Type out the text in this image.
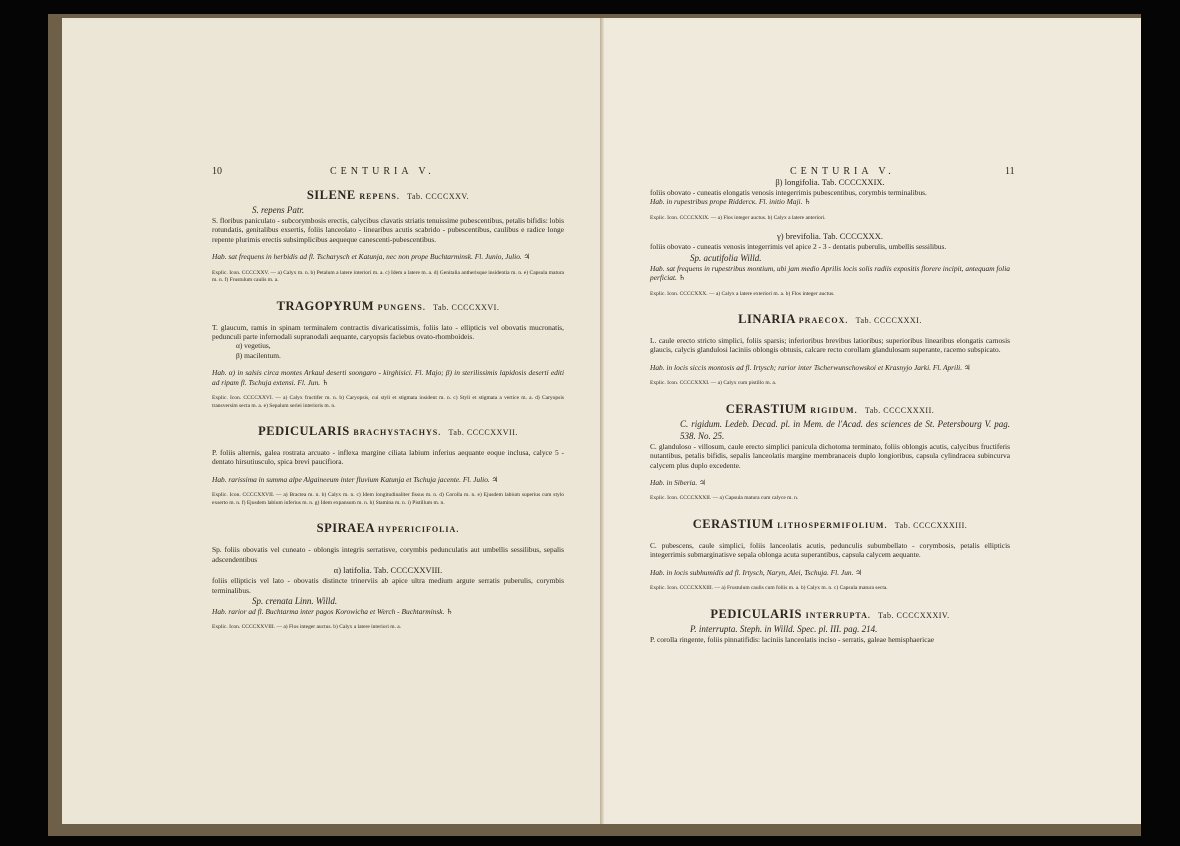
10	CENTURIA V.
SILENE REPENS. Tab. CCCCXXV.

S. repens Patr.

S. floribus paniculato - subcorymbosis erectis, calycibus clavatis striatis tenuissime pubescentibus, petalis bifidis: lobis rotundatis, genitalibus exsertis, foliis lanceolato - linearibus acutis scabrido - pubescentibus, caulibus e radice longe repente plurimis erectis subsimplicibus aequeque canescenti-pubescentibus.

Hab. sat frequens in herbidis ad fl. Tscharysch et Katunja, nec non prope Buchtarminsk. Fl. Junio, Julio. ♃

Explic. Icon. CCCCXXV. — a) Calyx m. n. b) Petalum a latere interiori m. a. c) Idem a latere m. a. d) Genitalia antherisque insidentia m. n. e) Capsula matura m. n. f) Frustulum caulis m. a.

TRAGOPYRUM PUNGENS. Tab. CCCCXXVI.

T. glaucum, ramis in spinam terminalem contractis divaricatissimis, foliis lato - ellipticis vel obovatis mucronatis, pedunculi parte infernodali supranodali aequante, caryopsis faciebus ovato-rhomboideis.

α) vegetius,

β) macilentum.

Hab. α) in salsis circa montes Arkaul deserti soongaro - kirghisici. Fl. Majo; β) in sterilissimis lapidosis deserti editi ad ripam fl. Tschuja extensi. Fl. Jun. ♄

Explic. Icon. CCCCXXVI. — a) Calyx fructifer m. n. b) Caryopsis, cui styli et stigmata insident m. n. c) Styli et stigmata a vertice m. a. d) Caryopsis transversim secta m. a. e) Sepalum seriei interioris m. n.

PEDICULARIS BRACHYSTACHYS. Tab. CCCCXXVII.

P. foliis alternis, galea rostrata arcuato - inflexa margine ciliata labium inferius aequante eoque inclusa, calyce 5 - dentato hirsutiusculo, spica brevi paucifiora.

Hab. rarissima in summa alpe Algaineeum inter fluvium Katunja et Tschuja jacente. Fl. Julio. ♃

Explic. Icon. CCCCXXVII. — a) Bractea m. n. b) Calyx m. n. c) Idem longitudinaliter fissus m. n. d) Corolla m. n. e) Ejusdem labium superius cum stylo exserto m. n. f) Ejusdem labium inferius m. n. g) Idem expansum m. n. h) Stamina m. n. i) Pistillum m. n.

SPIRAEA HYPERICIFOLIA.

Sp. foliis obovatis vel cuneato - oblongis integris serratisve, corymbis pedunculatis aut umbellis sessilibus, sepalis adscendentibus

α) latifolia. Tab. CCCCXXVIII.

foliis ellipticis vel lato - obovatis distincte trinerviis ab apice ultra medium argute serratis puberulis, corymbis terminalibus.

Sp. crenata Linn. Willd.

Hab. rarior ad fl. Buchtarma inter pagos Korowicha et Werch - Buchtarminsk. ♄

Explic. Icon. CCCCXXVIII. — a) Flos integer auctus. b) Calyx a latere interiori m. a.

CENTURIA V.	11

β) longifolia. Tab. CCCCXXIX.

foliis obovato - cuneatis elongatis venosis integerrimis pubescentibus, corymbis terminalibus.

Hab. in rupestribus prope Ridderск. Fl. initio Maji. ♄

Explic. Icon. CCCCXXIX. — a) Flos integer auctus. b) Calyx a latere anteriori.

γ) brevifolia. Tab. CCCCXXX.

foliis obovato - cuneatis venosis integerrimis vel apice 2 - 3 - dentatis puberulis, umbellis sessilibus.

Sp. acutifolia Willd.

Hab. sat frequens in rupestribus montium, ubi jam medio Aprilis locis solis radiis expositis florere incipit, antequam folia perficiat. ♄

Explic. Icon. CCCCXXX. — a) Calyx a latere exteriori m. a. b) Flos integer auctus.

LINARIA PRAECOX. Tab. CCCCXXXI.

L. caule erecto stricto simplici, foliis sparsis; inferioribus brevibus latioribus; superioribus linearibus elongatis carnosis glaucis, calycis glandulosi laciniis oblongis obtusis, calcare recto corollam glandulosam superante, racemo subspicato.

Hab. in locis siccis montosis ad fl. Irtysch; rarior inter Tscherwunschowskoi et Krasnyjo Jarki. Fl. Aprili. ♃

Explic. Icon. CCCCXXXI. — a) Calyx cum pistillo m. a.

CERASTIUM RIGIDUM. Tab. CCCCXXXII.

C. rigidum. Ledeb. Decad. pl. in Mem. de l'Acad. des sciences de St. Petersbourg V. pag. 538. No. 25.

C. glanduloso - villosum, caule erecto simplici panicula dichotoma terminato, foliis oblongis acutis, calycibus fructiferis nutantibus, petalis bifidis, sepalis lanceolatis margine membranaceis duplo longioribus, capsula cylindracea subincurva calycem plus duplo excedente.

Hab. in Siberia. ♃

Explic. Icon. CCCCXXXII. — a) Capsula matura cum calyce m. n.

CERASTIUM LITHOSPERMIFOLIUM. Tab. CCCCXXXIII.

C. pubescens, caule simplici, foliis lanceolatis acutis, pedunculis subumbellato - corymbosis, petalis ellipticis integerrimis submarginatisve sepala oblonga acuta superantibus, capsula calycem aequante.

Hab. in locis subhumidis ad fl. Irtysch, Naryn, Alei, Tschuja. Fl. Jun. ♃

Explic. Icon. CCCCXXXIII. — a) Frustulum caulis cum foliis m. a. b) Calyx m. n. c) Capsula matura secta.

PEDICULARIS INTERRUPTA. Tab. CCCCXXXIV.

P. interrupta. Steph. in Willd. Spec. pl. III. pag. 214.

P. corolla ringente, foliis pinnatifidis: laciniis lanceolatis inciso - serratis, galeae hemisphaericae
